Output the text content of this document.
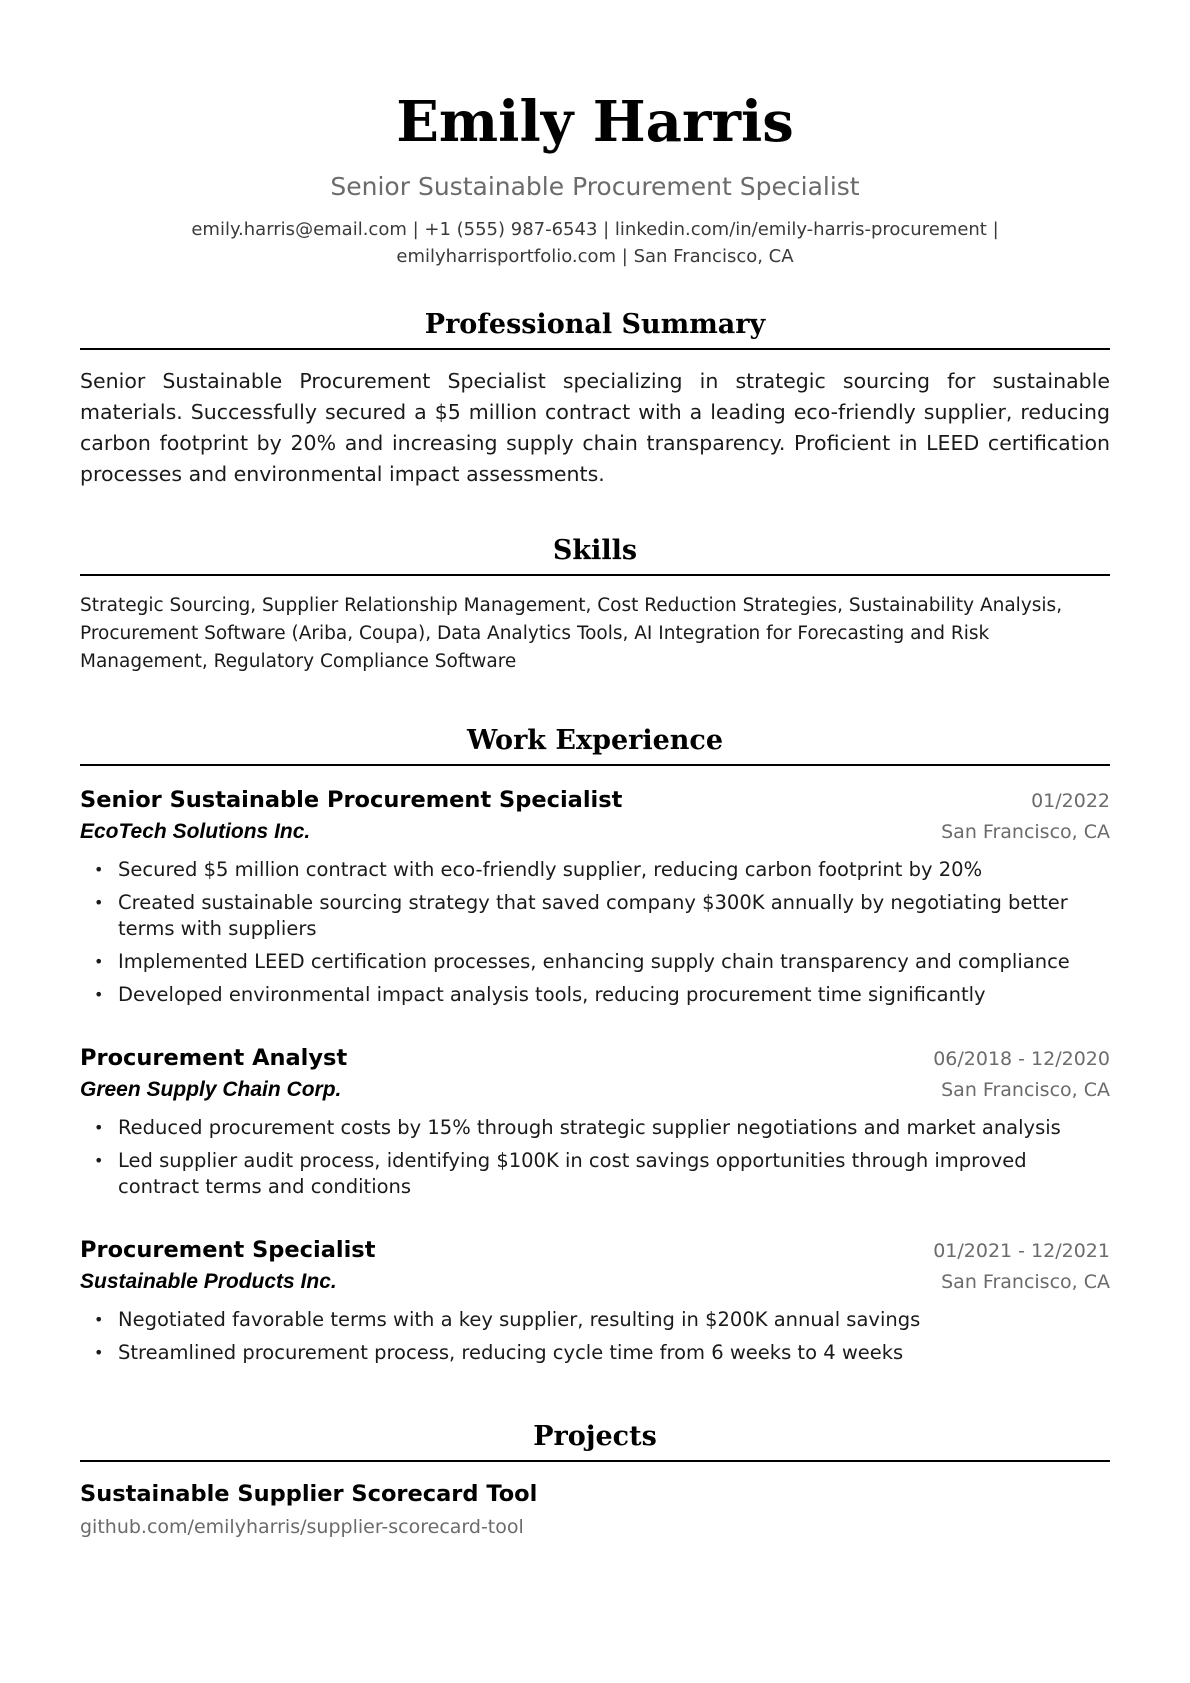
Emily Harris
Senior Sustainable Procurement Specialist
emily.harris@email.com | +1 (555) 987-6543 | linkedin.com/in/emily-harris-procurement |
emilyharrisportfolio.com | San Francisco, CA
Professional Summary
Senior Sustainable Procurement Specialist specializing in strategic sourcing for sustainable materials. Successfully secured a $5 million contract with a leading eco-friendly supplier, reducing carbon footprint by 20% and increasing supply chain transparency. Proficient in LEED certification processes and environmental impact assessments.
Skills
Strategic Sourcing, Supplier Relationship Management, Cost Reduction Strategies, Sustainability Analysis, Procurement Software (Ariba, Coupa), Data Analytics Tools, AI Integration for Forecasting and Risk Management, Regulatory Compliance Software
Work Experience
Senior Sustainable Procurement Specialist	01/2022
EcoTech Solutions Inc.	San Francisco, CA
• Secured $5 million contract with eco-friendly supplier, reducing carbon footprint by 20%
• Created sustainable sourcing strategy that saved company $300K annually by negotiating better terms with suppliers
• Implemented LEED certification processes, enhancing supply chain transparency and compliance
• Developed environmental impact analysis tools, reducing procurement time significantly
Procurement Analyst	06/2018 - 12/2020
Green Supply Chain Corp.	San Francisco, CA
• Reduced procurement costs by 15% through strategic supplier negotiations and market analysis
• Led supplier audit process, identifying $100K in cost savings opportunities through improved contract terms and conditions
Procurement Specialist	01/2021 - 12/2021
Sustainable Products Inc.	San Francisco, CA
• Negotiated favorable terms with a key supplier, resulting in $200K annual savings
• Streamlined procurement process, reducing cycle time from 6 weeks to 4 weeks
Projects
Sustainable Supplier Scorecard Tool
github.com/emilyharris/supplier-scorecard-tool
